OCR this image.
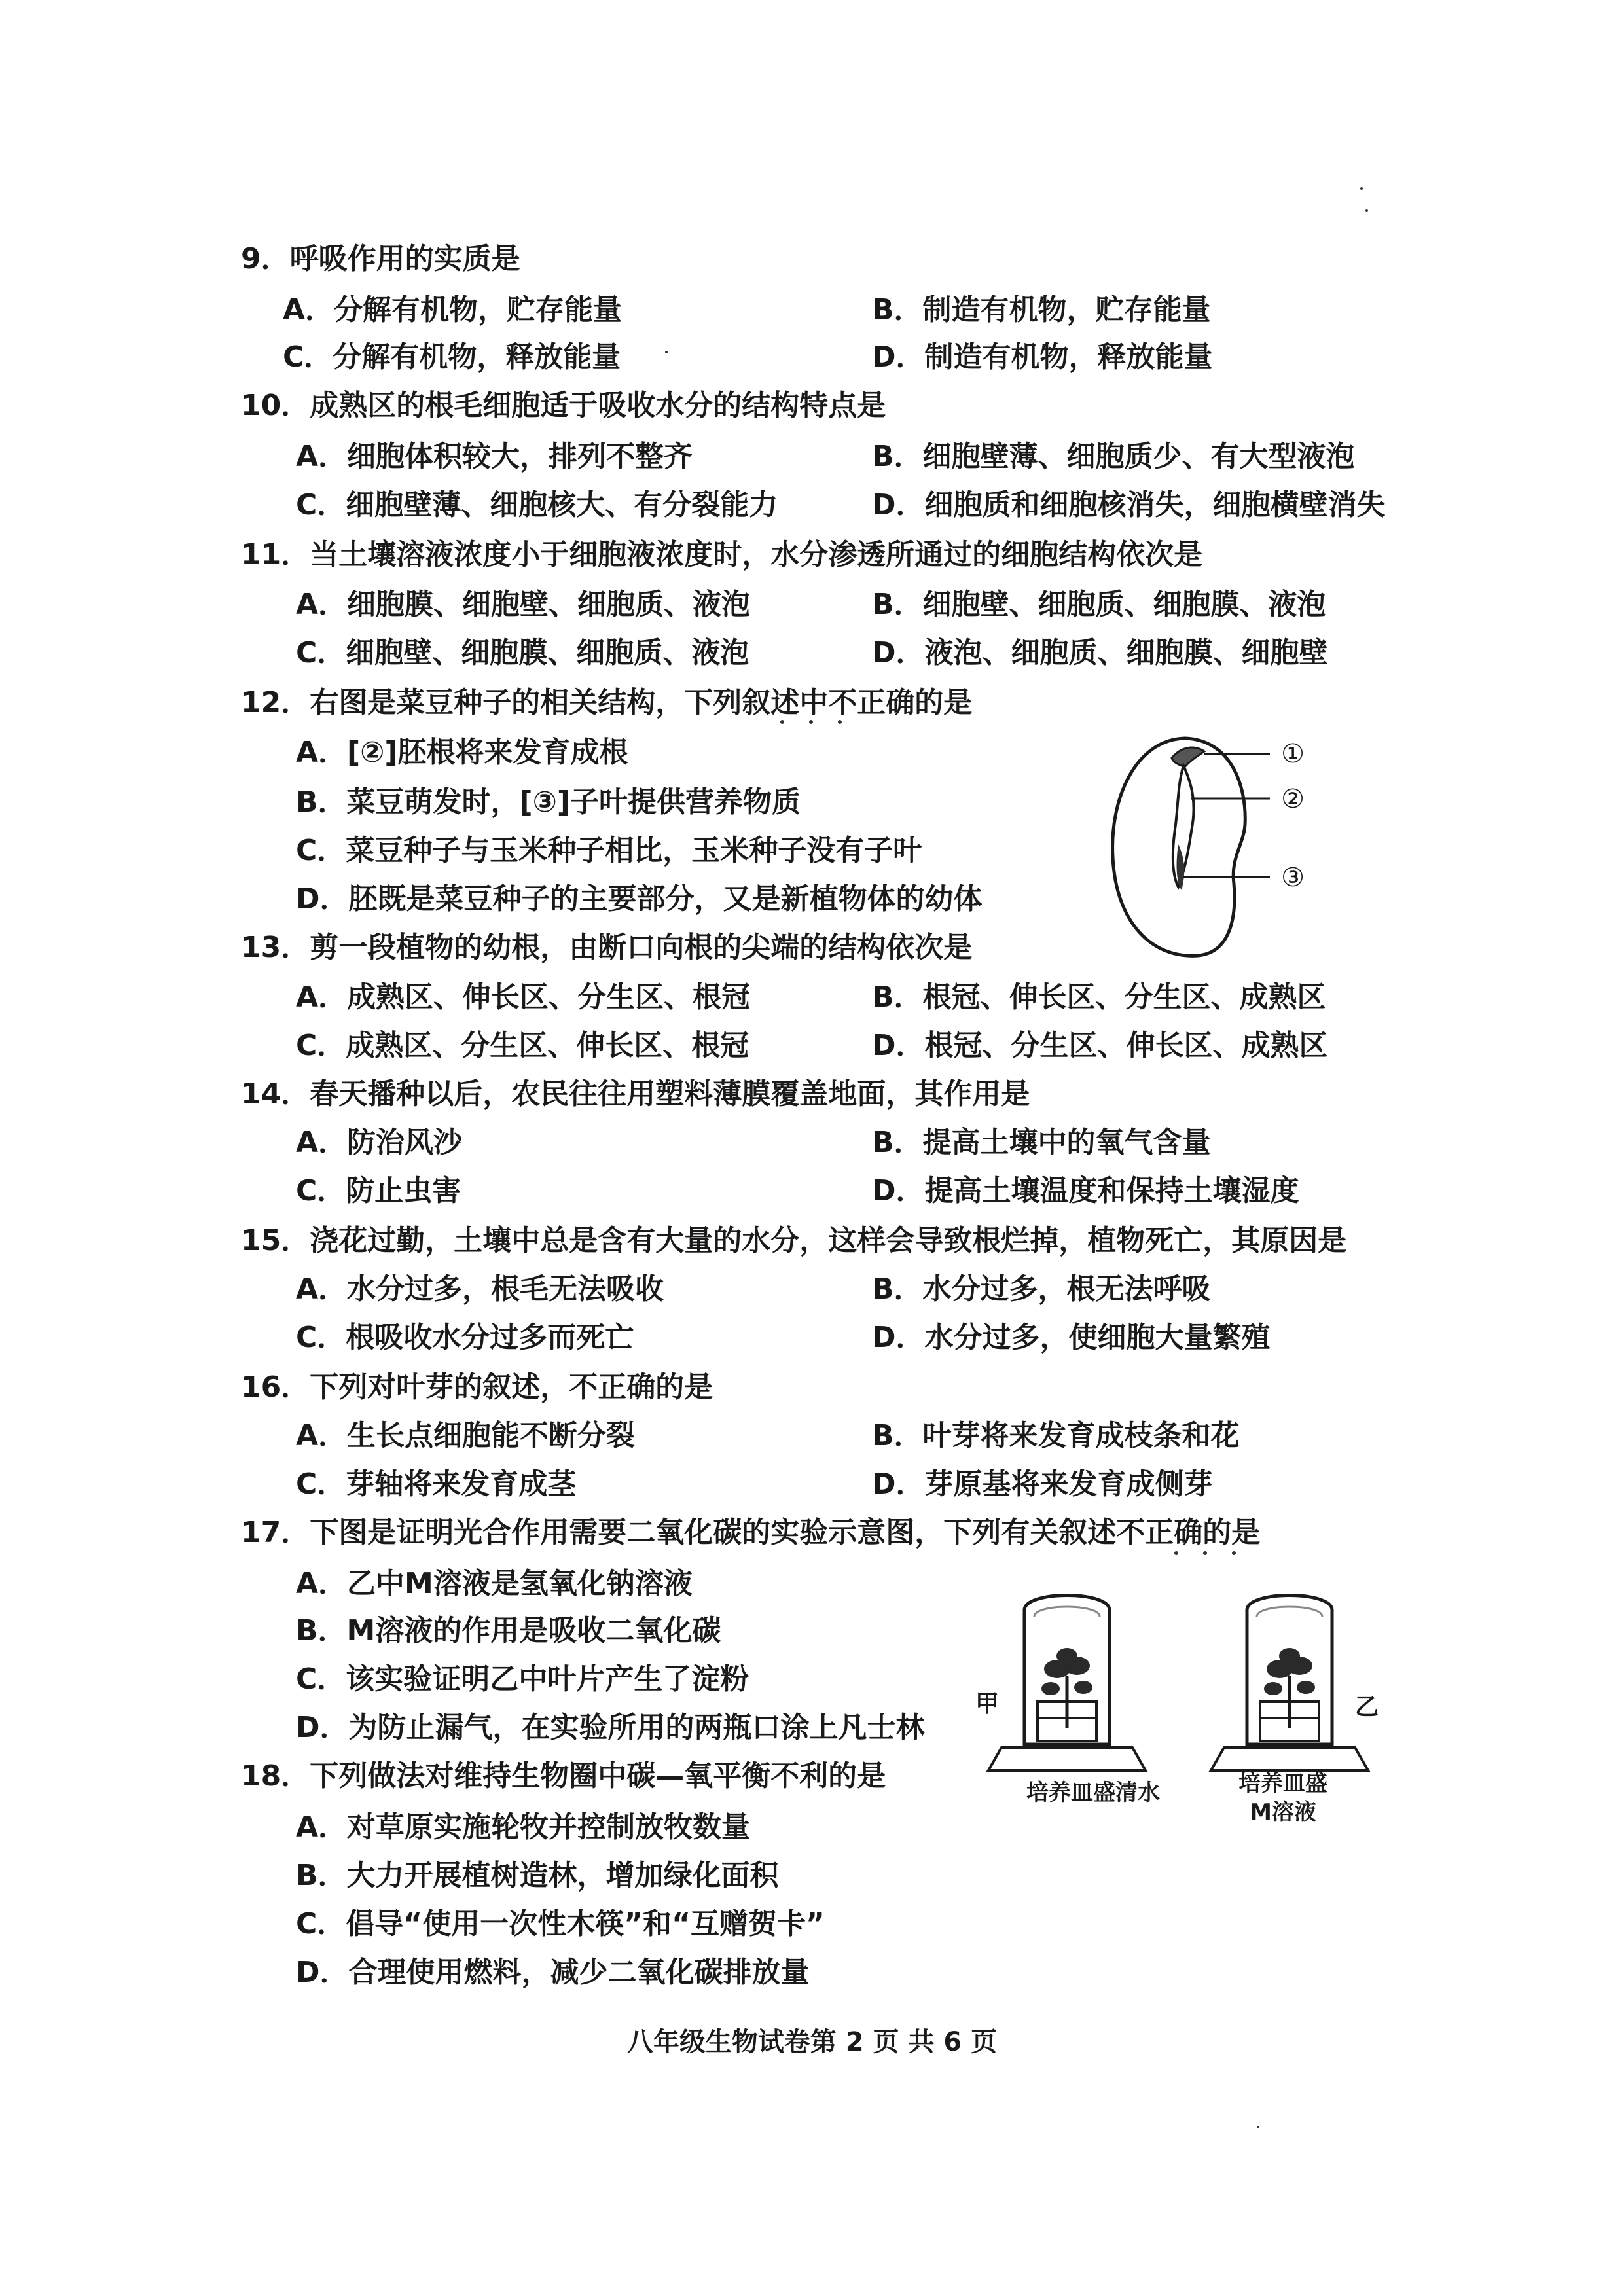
9．呼吸作用的实质是
A．分解有机物，贮存能量	B．制造有机物，贮存能量
C．分解有机物，释放能量	D．制造有机物，释放能量
10．成熟区的根毛细胞适于吸收水分的结构特点是
A．细胞体积较大，排列不整齐	B．细胞壁薄、细胞质少、有大型液泡
C．细胞壁薄、细胞核大、有分裂能力	D．细胞质和细胞核消失，细胞横壁消失
11．当土壤溶液浓度小于细胞液浓度时，水分渗透所通过的细胞结构依次是
A．细胞膜、细胞壁、细胞质、液泡	B．细胞壁、细胞质、细胞膜、液泡
C．细胞壁、细胞膜、细胞质、液泡	D．液泡、细胞质、细胞膜、细胞壁
12．右图是菜豆种子的相关结构，下列叙述中不正确的是
A．[②]胚根将来发育成根
B．菜豆萌发时，[③]子叶提供营养物质
C．菜豆种子与玉米种子相比，玉米种子没有子叶
D．胚既是菜豆种子的主要部分，又是新植物体的幼体
①
②
③
13．剪一段植物的幼根，由断口向根的尖端的结构依次是
A．成熟区、伸长区、分生区、根冠	B．根冠、伸长区、分生区、成熟区
C．成熟区、分生区、伸长区、根冠	D．根冠、分生区、伸长区、成熟区
14．春天播种以后，农民往往用塑料薄膜覆盖地面，其作用是
A．防治风沙	B．提高土壤中的氧气含量
C．防止虫害	D．提高土壤温度和保持土壤湿度
15．浇花过勤，土壤中总是含有大量的水分，这样会导致根烂掉，植物死亡，其原因是
A．水分过多，根毛无法吸收	B．水分过多，根无法呼吸
C．根吸收水分过多而死亡	D．水分过多，使细胞大量繁殖
16．下列对叶芽的叙述，不正确的是
A．生长点细胞能不断分裂	B．叶芽将来发育成枝条和花
C．芽轴将来发育成茎	D．芽原基将来发育成侧芽
17．下图是证明光合作用需要二氧化碳的实验示意图，下列有关叙述不正确的是
A．乙中M溶液是氢氧化钠溶液
B．M溶液的作用是吸收二氧化碳
C．该实验证明乙中叶片产生了淀粉
D．为防止漏气，在实验所用的两瓶口涂上凡士林
甲	乙
培养皿盛清水	培养皿盛
M溶液
18．下列做法对维持生物圈中碳—氧平衡不利的是
A．对草原实施轮牧并控制放牧数量
B．大力开展植树造林，增加绿化面积
C．倡导“使用一次性木筷”和“互赠贺卡”
D．合理使用燃料，减少二氧化碳排放量
八年级生物试卷第 2 页 共 6 页
